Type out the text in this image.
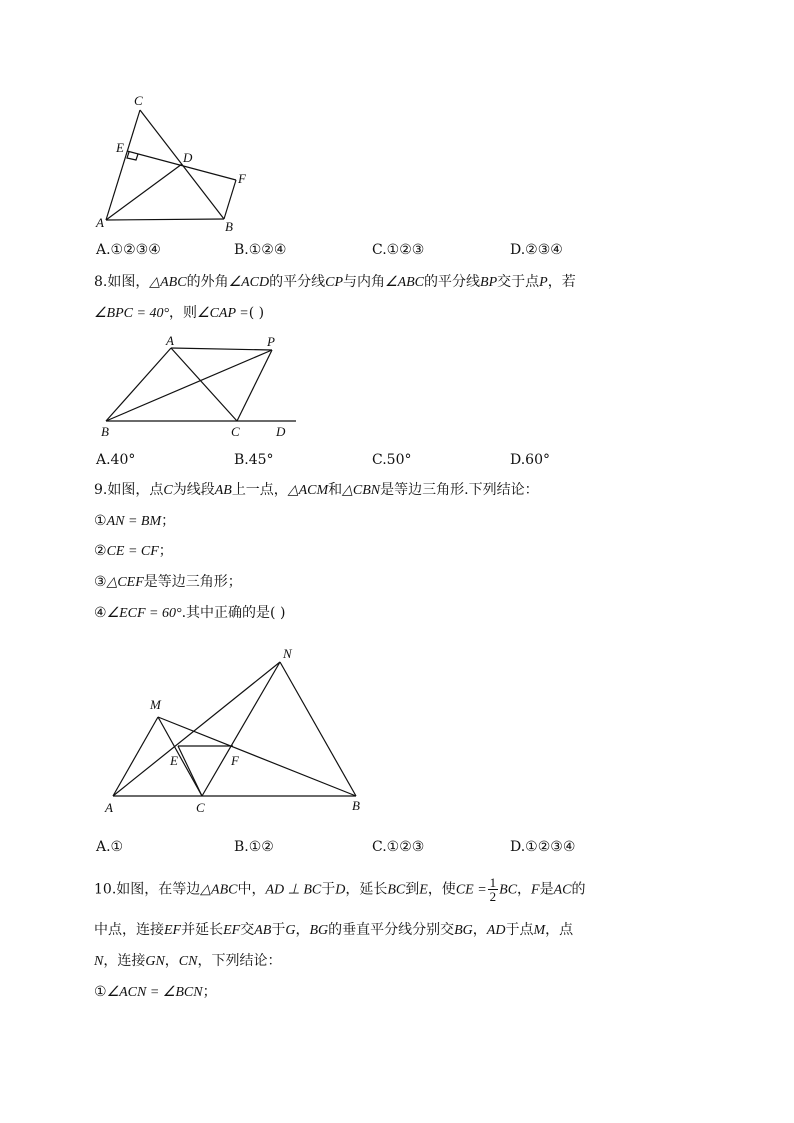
C
E
D
F
A	B
A.①②③④	B.①②④	C.①②③	D.②③④
8.如图，△ABC的外角∠ACD的平分线CP与内角∠ABC的平分线BP交于点P，若
∠BPC = 40°，则∠CAP =( )
A	P
B	C	D
A.40°	B.45°	C.50°	D.60°
9.如图，点C为线段AB上一点，△ACM和△CBN是等边三角形.下列结论：
①AN = BM；
②CE = CF；
③△CEF是等边三角形；
④∠ECF = 60°.其中正确的是( )
N
M
E	F
A	C	B
A.①	B.①②	C.①②③	D.①②③④
10.如图，在等边△ABC中，AD ⊥ BC于D，延长BC到E，使CE = $\frac{1}{2}$ BC，F是AC的
中点，连接EF并延长EF交AB于G，BG的垂直平分线分别交BG，AD于点M，点
N，连接GN，CN，下列结论：
①∠ACN = ∠BCN；
